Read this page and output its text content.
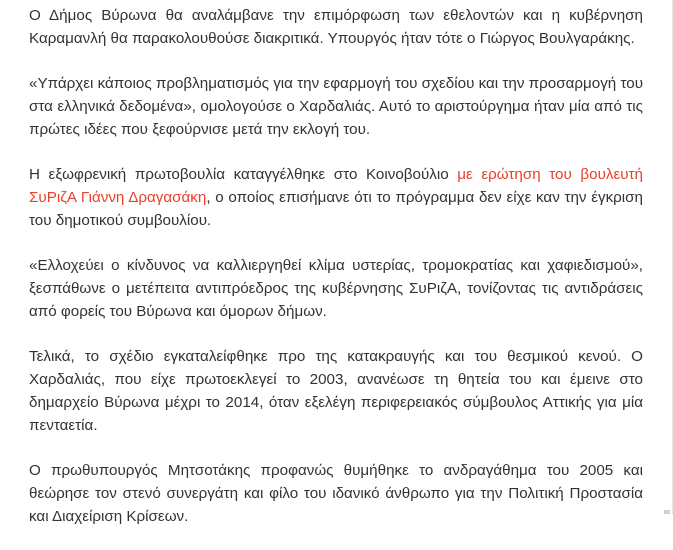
Ο Δήμος Βύρωνα θα αναλάμβανε την επιμόρφωση των εθελοντών και η κυβέρνηση Καραμανλή θα παρακολουθούσε διακριτικά. Υπουργός ήταν τότε ο Γιώργος Βουλγαράκης.

«Υπάρχει κάποιος προβληματισμός για την εφαρμογή του σχεδίου και την προσαρμογή του στα ελληνικά δεδομένα», ομολογούσε ο Χαρδαλιάς. Αυτό το αριστούργημα ήταν μία από τις πρώτες ιδέες που ξεφούρνισε μετά την εκλογή του.

Η εξωφρενική πρωτοβουλία καταγγέλθηκε στο Κοινοβούλιο με ερώτηση του βουλευτή ΣυΡιζΑ Γιάννη Δραγασάκη, ο οποίος επισήμανε ότι το πρόγραμμα δεν είχε καν την έγκριση του δημοτικού συμβουλίου.

«Ελλοχεύει ο κίνδυνος να καλλιεργηθεί κλίμα υστερίας, τρομοκρατίας και χαφιεδισμού», ξεσπάθωνε ο μετέπειτα αντιπρόεδρος της κυβέρνησης ΣυΡιζΑ, τονίζοντας τις αντιδράσεις από φορείς του Βύρωνα και όμορων δήμων.

Τελικά, το σχέδιο εγκαταλείφθηκε προ της κατακραυγής και του θεσμικού κενού. Ο Χαρδαλιάς, που είχε πρωτοεκλεγεί το 2003, ανανέωσε τη θητεία του και έμεινε στο δημαρχείο Βύρωνα μέχρι το 2014, όταν εξελέγη περιφερειακός σύμβουλος Αττικής για μία πενταετία.

Ο πρωθυπουργός Μητσοτάκης προφανώς θυμήθηκε το ανδραγάθημα του 2005 και θεώρησε τον στενό συνεργάτη και φίλο του ιδανικό άνθρωπο για την Πολιτική Προστασία και Διαχείριση Κρίσεων.
